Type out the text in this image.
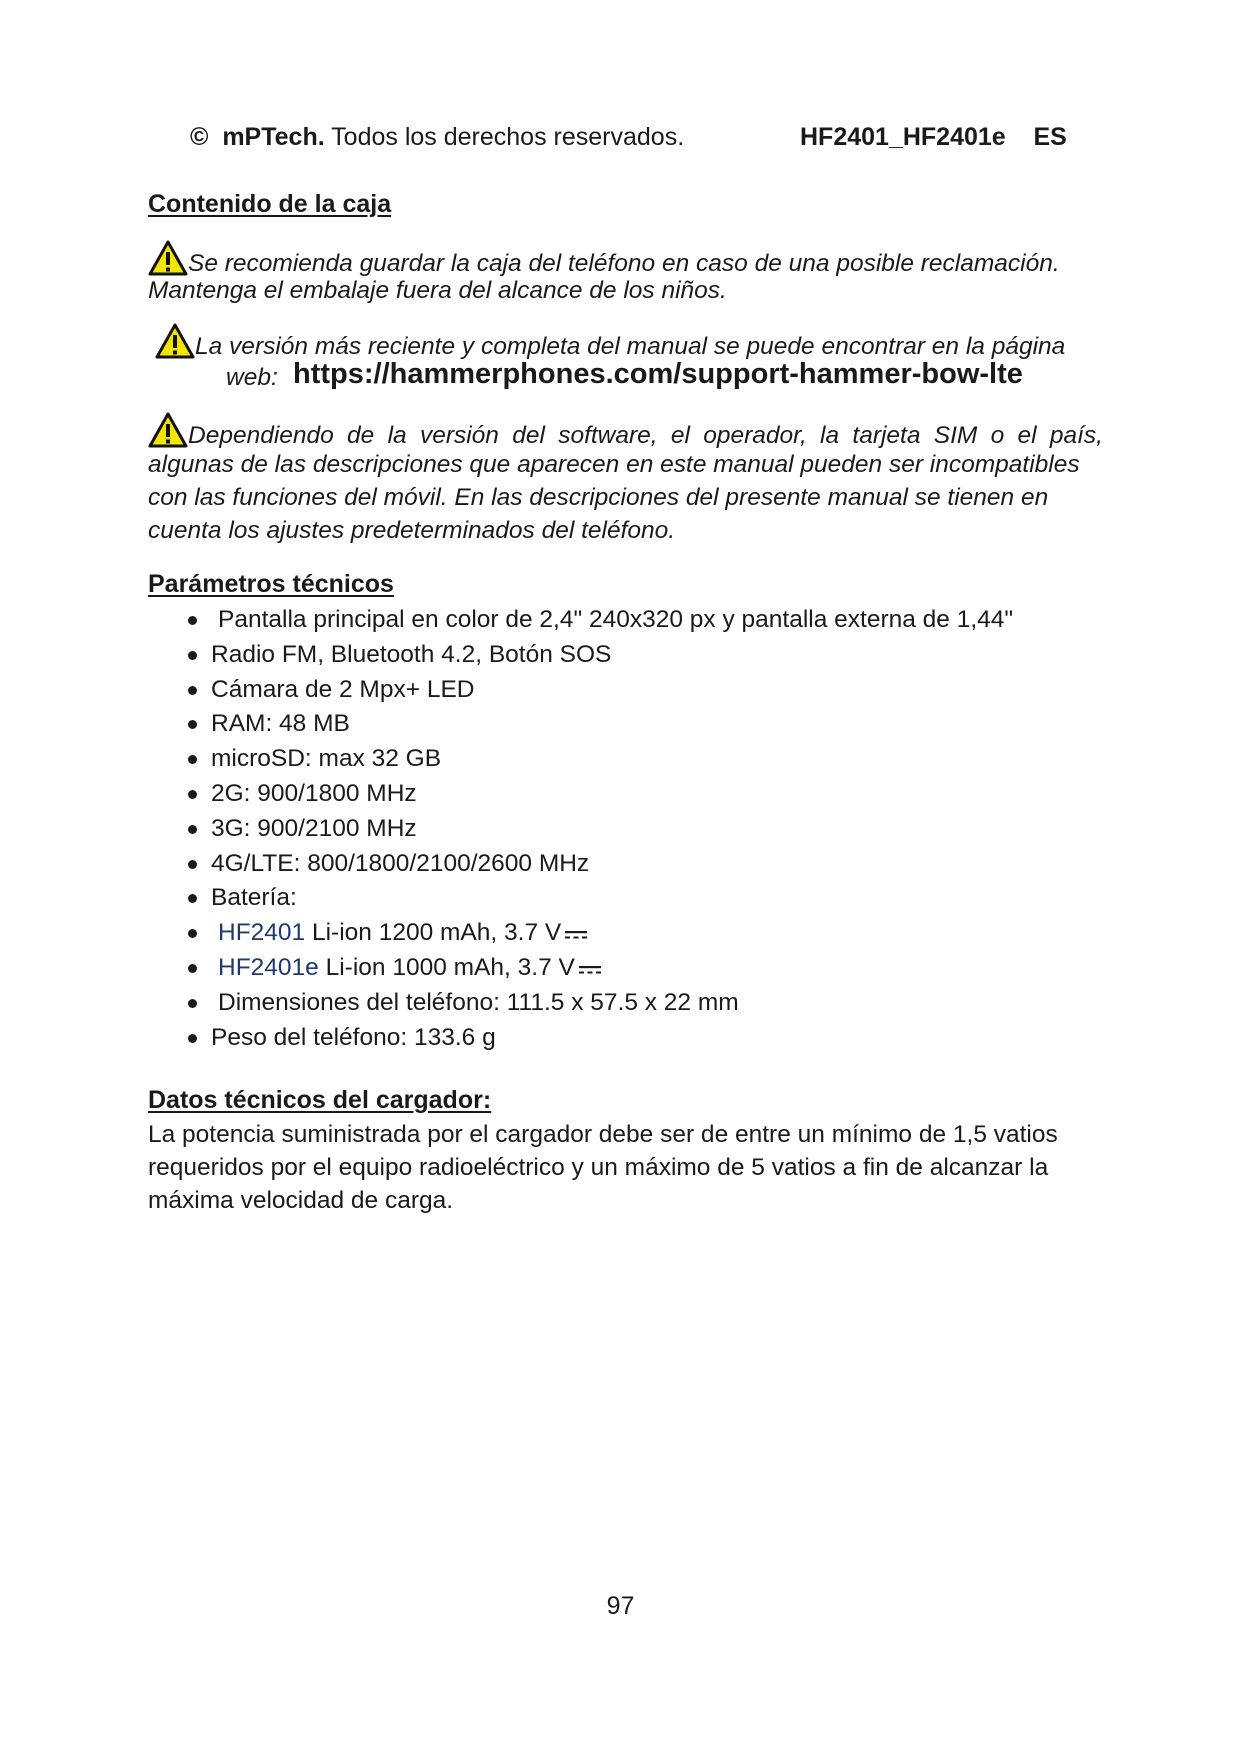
© mPTech. Todos los derechos reservados.	HF2401_HF2401e ES
Contenido de la caja
Se recomienda guardar la caja del teléfono en caso de una posible reclamación.
Mantenga el embalaje fuera del alcance de los niños.
La versión más reciente y completa del manual se puede encontrar en la página
web: https://hammerphones.com/support-hammer-bow-lte
Dependiendo de la versión del software, el operador, la tarjeta SIM o el país,
algunas de las descripciones que aparecen en este manual pueden ser incompatibles
con las funciones del móvil. En las descripciones del presente manual se tienen en
cuenta los ajustes predeterminados del teléfono.
Parámetros técnicos
Pantalla principal en color de 2,4" 240x320 px y pantalla externa de 1,44"
Radio FM, Bluetooth 4.2, Botón SOS
Cámara de 2 Mpx+ LED
RAM: 48 MB
microSD: max 32 GB
2G: 900/1800 MHz
3G: 900/2100 MHz
4G/LTE: 800/1800/2100/2600 MHz
Batería:
HF2401 Li-ion 1200 mAh, 3.7 V
HF2401e Li-ion 1000 mAh, 3.7 V
Dimensiones del teléfono: 111.5 x 57.5 x 22 mm
Peso del teléfono: 133.6 g
Datos técnicos del cargador:
La potencia suministrada por el cargador debe ser de entre un mínimo de 1,5 vatios
requeridos por el equipo radioeléctrico y un máximo de 5 vatios a fin de alcanzar la
máxima velocidad de carga.
97
